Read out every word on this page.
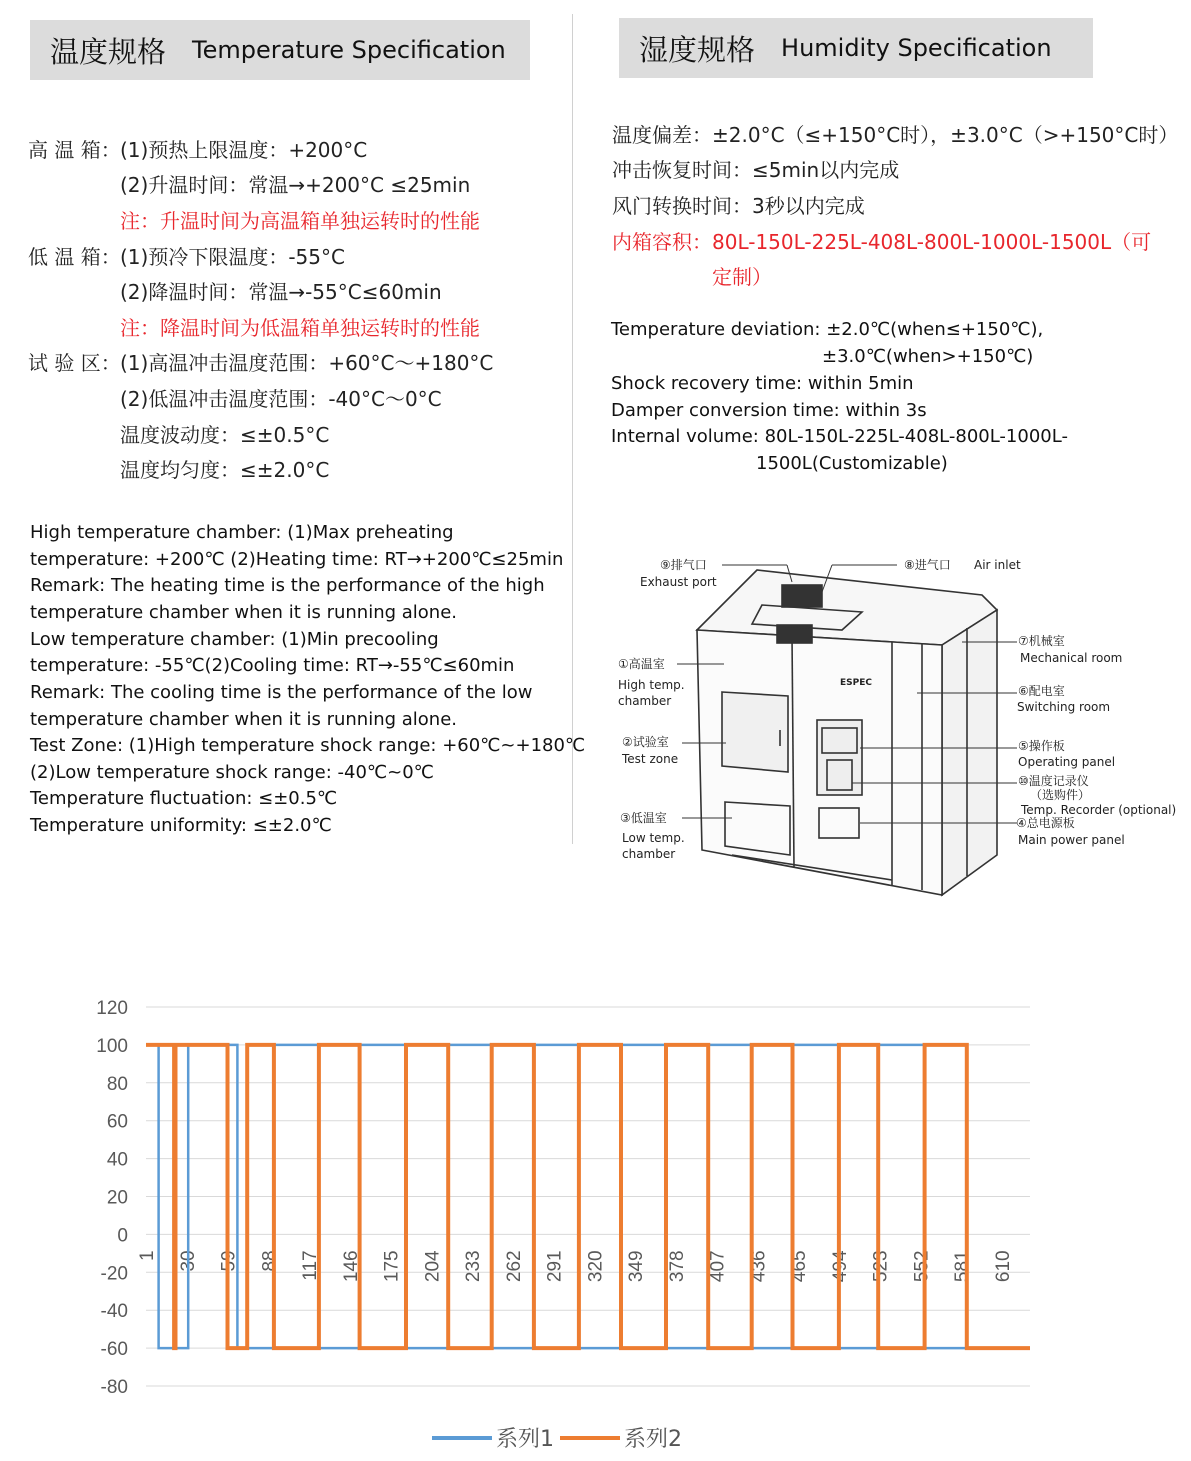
温度规格 Temperature Specification	湿度规格 Humidity Specification
高 温 箱： (1)预热上限温度：+200°C
(2)升温时间：常温→+200°C ≤25min
注：升温时间为高温箱单独运转时的性能
低 温 箱： (1)预冷下限温度：-55°C
(2)降温时间：常温→-55°C≤60min
注：降温时间为低温箱单独运转时的性能
试 验 区： (1)高温冲击温度范围：+60°C～+180°C
(2)低温冲击温度范围：-40°C～0°C
温度波动度：≤±0.5°C
温度均匀度：≤±2.0°C
High temperature chamber: (1)Max preheating
temperature: +200℃ (2)Heating time: RT→+200℃≤25min
Remark: The heating time is the performance of the high
temperature chamber when it is running alone.
Low temperature chamber: (1)Min precooling
temperature: -55℃(2)Cooling time: RT→-55℃≤60min
Remark: The cooling time is the performance of the low
temperature chamber when it is running alone.
Test Zone: (1)High temperature shock range: +60℃~+180℃
(2)Low temperature shock range: -40℃~0℃
Temperature fluctuation: ≤±0.5℃
Temperature uniformity: ≤±2.0℃
温度偏差：±2.0°C（≤+150°C时），±3.0°C（>+150°C时）
冲击恢复时间：≤5min以内完成
风门转换时间：3秒以内完成
内箱容积：80L-150L-225L-408L-800L-1000L-1500L（可
定制）
Temperature deviation: ±2.0℃(when≤+150℃),
±3.0℃(when>+150℃)
Shock recovery time: within 5min
Damper conversion time: within 3s
Internal volume: 80L-150L-225L-408L-800L-1000L-
1500L(Customizable)
⑨排气口
Exhaust port
⑧进气口 Air inlet
⑦机械室
Mechanical room
⑥配电室
Switching room
①高温室
High temp.
chamber
②试验室
Test zone
⑤操作板
Operating panel
⑩温度记录仪
（选购件）
Temp. Recorder (optional)
③低温室
Low temp.
chamber
④总电源板
Main power panel
ESPEC
120
100
80
60
40
20
0
-20
-40
-60
-80
1 30 59 88 117 146 175 204 233 262 291 320 349 378 407 436 465 494 523 552 581 610
系列1	系列2
